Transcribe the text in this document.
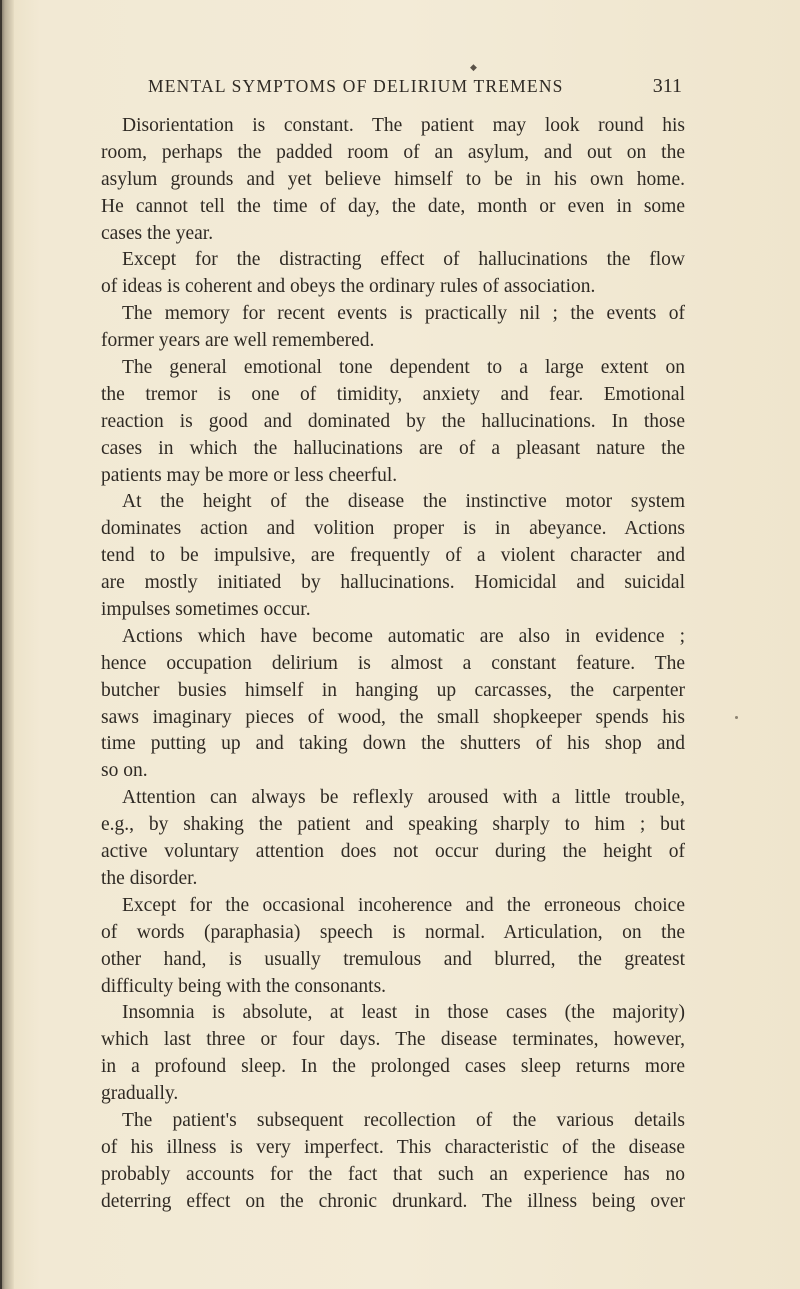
◆
MENTAL SYMPTOMS OF DELIRIUM TREMENS	311
Disorientation is constant. The patient may look round his
room, perhaps the padded room of an asylum, and out on the
asylum grounds and yet believe himself to be in his own home.
He cannot tell the time of day, the date, month or even in some
cases the year.
Except for the distracting effect of hallucinations the flow
of ideas is coherent and obeys the ordinary rules of association.
The memory for recent events is practically nil ; the events of
former years are well remembered.
The general emotional tone dependent to a large extent on
the tremor is one of timidity, anxiety and fear. Emotional
reaction is good and dominated by the hallucinations. In those
cases in which the hallucinations are of a pleasant nature the
patients may be more or less cheerful.
At the height of the disease the instinctive motor system
dominates action and volition proper is in abeyance. Actions
tend to be impulsive, are frequently of a violent character and
are mostly initiated by hallucinations. Homicidal and suicidal
impulses sometimes occur.
Actions which have become automatic are also in evidence ;
hence occupation delirium is almost a constant feature. The
butcher busies himself in hanging up carcasses, the carpenter
saws imaginary pieces of wood, the small shopkeeper spends his
time putting up and taking down the shutters of his shop and
so on.
Attention can always be reflexly aroused with a little trouble,
e.g., by shaking the patient and speaking sharply to him ; but
active voluntary attention does not occur during the height of
the disorder.
Except for the occasional incoherence and the erroneous choice
of words (paraphasia) speech is normal. Articulation, on the
other hand, is usually tremulous and blurred, the greatest
difficulty being with the consonants.
Insomnia is absolute, at least in those cases (the majority)
which last three or four days. The disease terminates, however,
in a profound sleep. In the prolonged cases sleep returns more
gradually.
The patient's subsequent recollection of the various details
of his illness is very imperfect. This characteristic of the disease
probably accounts for the fact that such an experience has no
deterring effect on the chronic drunkard. The illness being over
